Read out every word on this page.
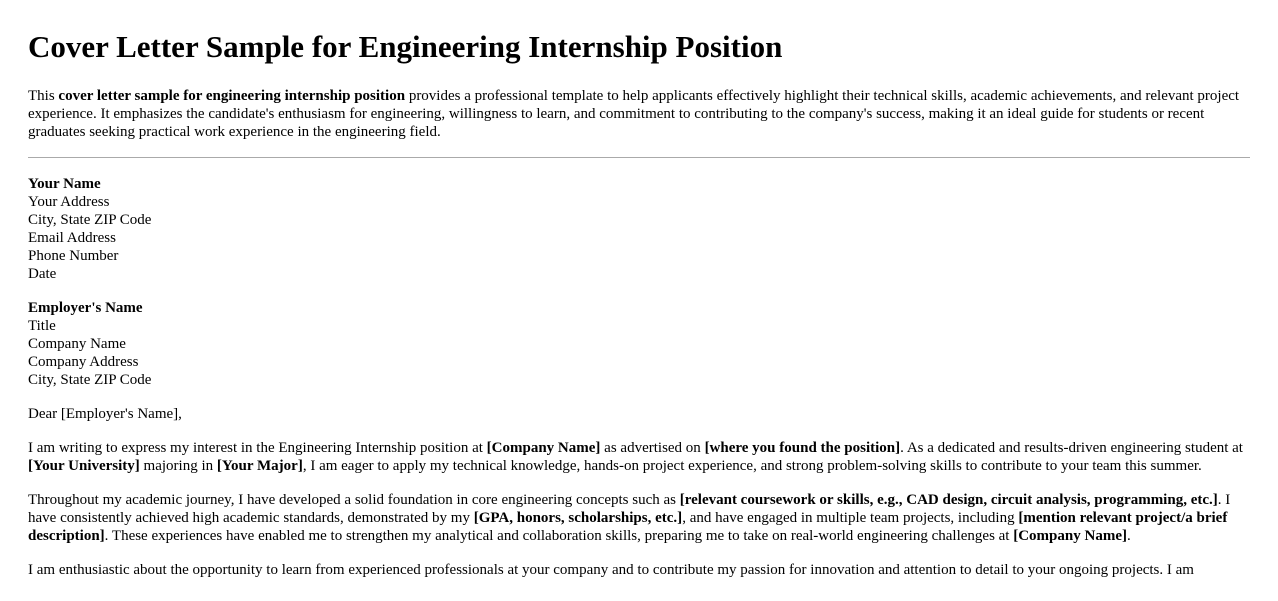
Cover Letter Sample for Engineering Internship Position

This cover letter sample for engineering internship position provides a professional template to help applicants effectively highlight their technical skills, academic achievements, and relevant project experience. It emphasizes the candidate's enthusiasm for engineering, willingness to learn, and commitment to contributing to the company's success, making it an ideal guide for students or recent graduates seeking practical work experience in the engineering field.

Your Name
Your Address
City, State ZIP Code
Email Address
Phone Number
Date
Employer's Name
Title
Company Name
Company Address
City, State ZIP Code

Dear [Employer's Name],

I am writing to express my interest in the Engineering Internship position at [Company Name] as advertised on [where you found the position]. As a dedicated and results-driven engineering student at [Your University] majoring in [Your Major], I am eager to apply my technical knowledge, hands-on project experience, and strong problem-solving skills to contribute to your team this summer.

Throughout my academic journey, I have developed a solid foundation in core engineering concepts such as [relevant coursework or skills, e.g., CAD design, circuit analysis, programming, etc.]. I have consistently achieved high academic standards, demonstrated by my [GPA, honors, scholarships, etc.], and have engaged in multiple team projects, including [mention relevant project/a brief description]. These experiences have enabled me to strengthen my analytical and collaboration skills, preparing me to take on real-world engineering challenges at [Company Name].

I am enthusiastic about the opportunity to learn from experienced professionals at your company and to contribute my passion for innovation and attention to detail to your ongoing projects. I am
